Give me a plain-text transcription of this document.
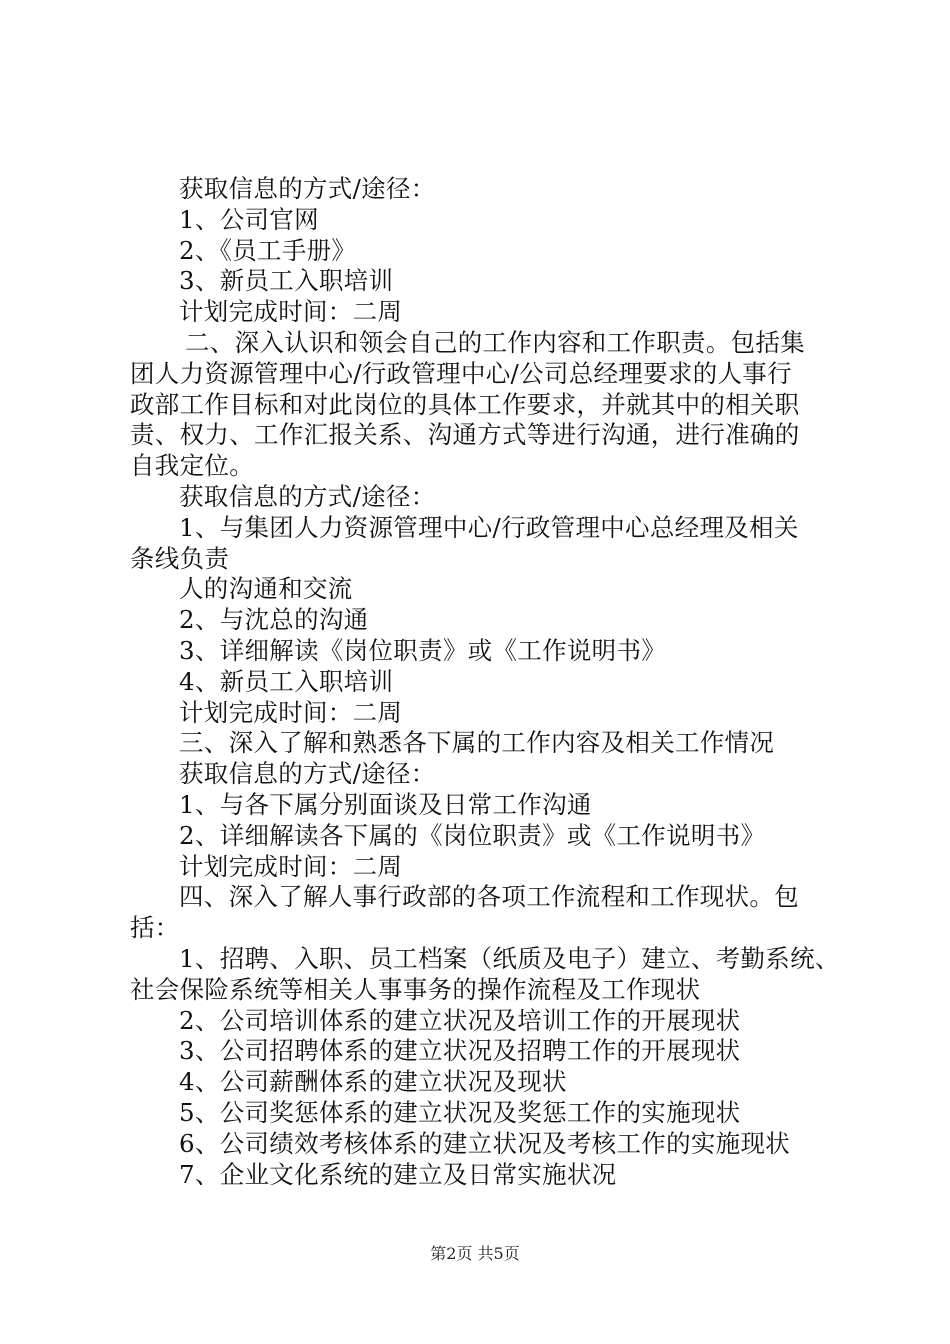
获取信息的方式/途径：
1、公司官网
2、《员工手册》
3、新员工入职培训
计划完成时间：二周
二、深入认识和领会自己的工作内容和工作职责。包括集
团人力资源管理中心/行政管理中心/公司总经理要求的人事行
政部工作目标和对此岗位的具体工作要求，并就其中的相关职
责、权力、工作汇报关系、沟通方式等进行沟通，进行准确的
自我定位。
获取信息的方式/途径：
1、与集团人力资源管理中心/行政管理中心总经理及相关
条线负责
人的沟通和交流
2、与沈总的沟通
3、详细解读《岗位职责》或《工作说明书》
4、新员工入职培训
计划完成时间：二周
三、深入了解和熟悉各下属的工作内容及相关工作情况
获取信息的方式/途径：
1、与各下属分别面谈及日常工作沟通
2、详细解读各下属的《岗位职责》或《工作说明书》
计划完成时间：二周
四、深入了解人事行政部的各项工作流程和工作现状。包
括：
1、招聘、入职、员工档案（纸质及电子）建立、考勤系统、
社会保险系统等相关人事事务的操作流程及工作现状
2、公司培训体系的建立状况及培训工作的开展现状
3、公司招聘体系的建立状况及招聘工作的开展现状
4、公司薪酬体系的建立状况及现状
5、公司奖惩体系的建立状况及奖惩工作的实施现状
6、公司绩效考核体系的建立状况及考核工作的实施现状
7、企业文化系统的建立及日常实施状况
第2页 共5页
